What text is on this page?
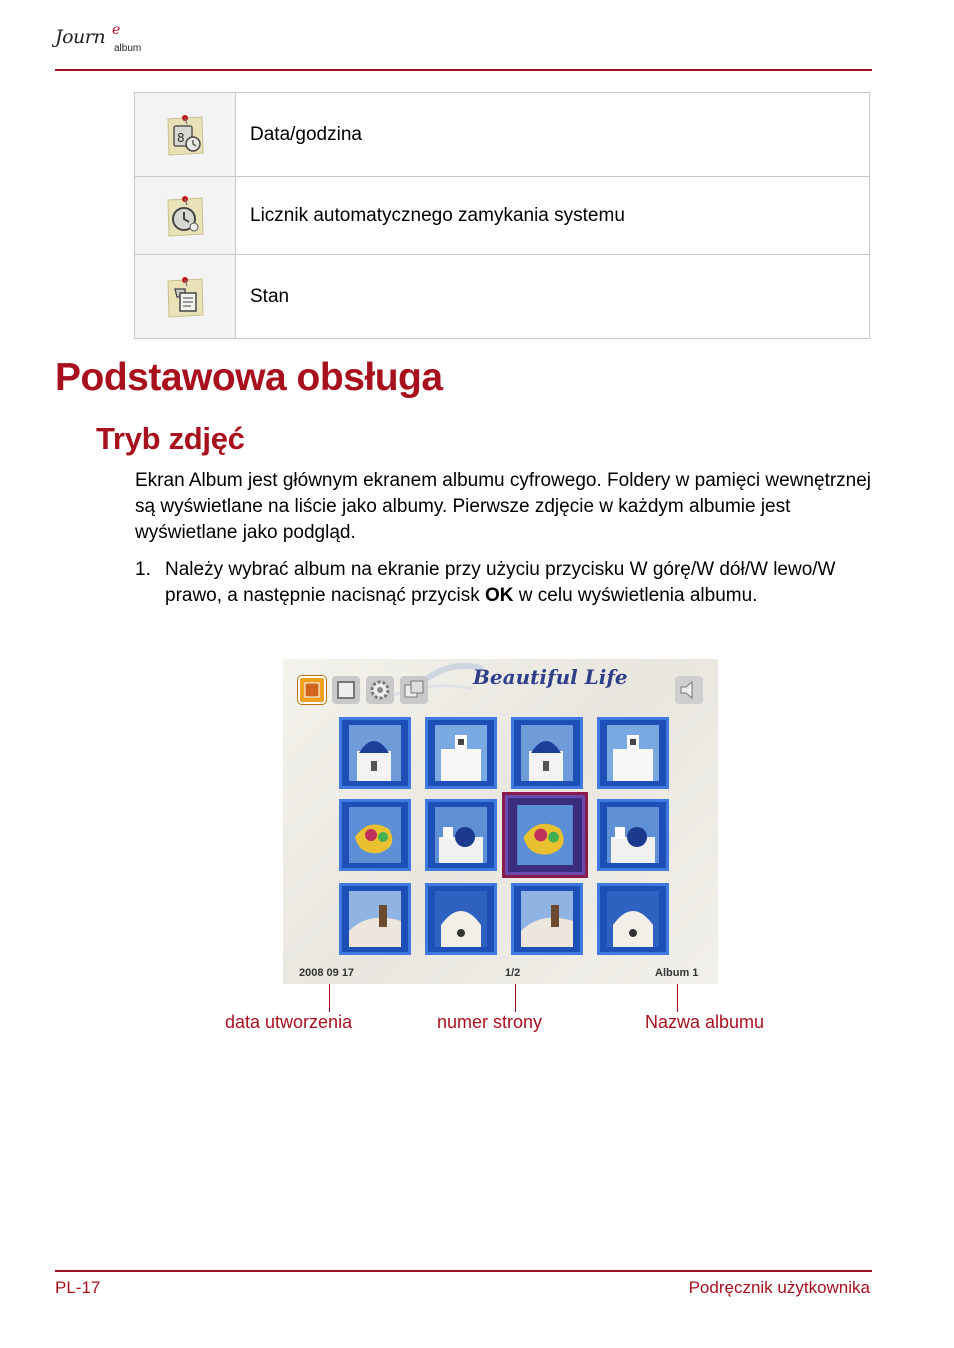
Journ e
album
8	Data/godzina
	Licznik automatycznego zamykania systemu
	Stan
Podstawowa obsługa
Tryb zdjęć

Ekran Album jest głównym ekranem albumu cyfrowego. Foldery w pamięci wewnętrznej są wyświetlane na liście jako albumy. Pierwsze zdjęcie w każdym albumie jest wyświetlane jako podgląd.

1. Należy wybrać album na ekranie przy użyciu przycisku W górę/W dół/W lewo/W prawo, a następnie nacisnąć przycisk OK w celu wyświetlenia albumu.
Beautiful Life
2008 09 17	1/2	Album 1
data utworzenia	numer strony	Nazwa albumu
PL-17	Podręcznik użytkownika
